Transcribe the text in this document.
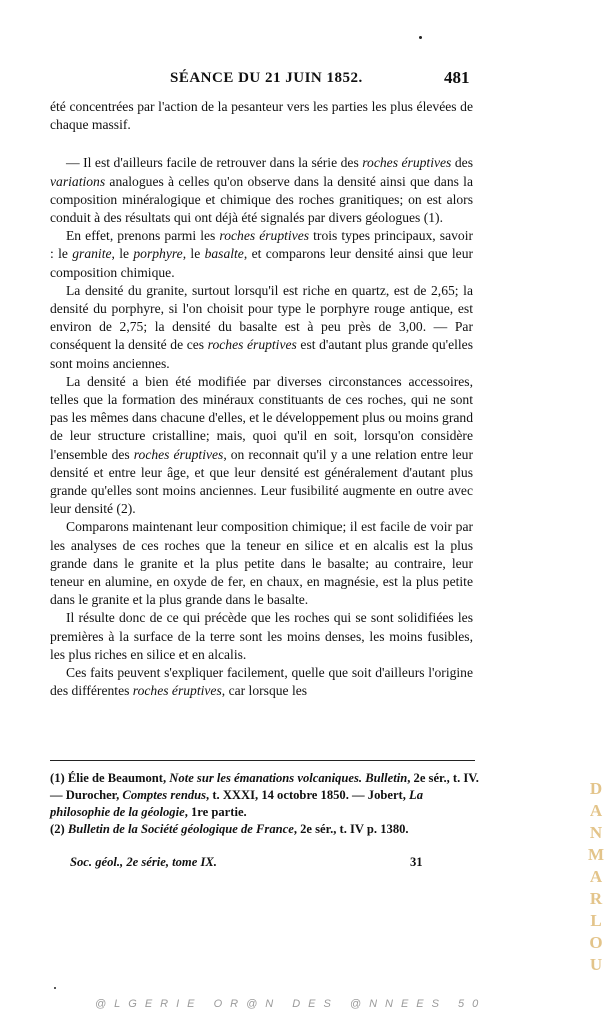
SÉANCE DU 21 JUIN 1852.	481

été concentrées par l'action de la pesanteur vers les parties les plus élevées de chaque massif.

— Il est d'ailleurs facile de retrouver dans la série des roches éruptives des variations analogues à celles qu'on observe dans la densité ainsi que dans la composition minéralogique et chimique des roches granitiques; on est alors conduit à des résultats qui ont déjà été signalés par divers géologues (1).

En effet, prenons parmi les roches éruptives trois types principaux, savoir : le granite, le porphyre, le basalte, et comparons leur densité ainsi que leur composition chimique.

La densité du granite, surtout lorsqu'il est riche en quartz, est de 2,65; la densité du porphyre, si l'on choisit pour type le porphyre rouge antique, est environ de 2,75; la densité du basalte est à peu près de 3,00. — Par conséquent la densité de ces roches éruptives est d'autant plus grande qu'elles sont moins anciennes.

La densité a bien été modifiée par diverses circonstances accessoires, telles que la formation des minéraux constituants de ces roches, qui ne sont pas les mêmes dans chacune d'elles, et le développement plus ou moins grand de leur structure cristalline; mais, quoi qu'il en soit, lorsqu'on considère l'ensemble des roches éruptives, on reconnait qu'il y a une relation entre leur densité et entre leur âge, et que leur densité est généralement d'autant plus grande qu'elles sont moins anciennes. Leur fusibilité augmente en outre avec leur densité (2).

Comparons maintenant leur composition chimique; il est facile de voir par les analyses de ces roches que la teneur en silice et en alcalis est la plus grande dans le granite et la plus petite dans le basalte; au contraire, leur teneur en alumine, en oxyde de fer, en chaux, en magnésie, est la plus petite dans le granite et la plus grande dans le basalte.

Il résulte donc de ce qui précède que les roches qui se sont solidifiées les premières à la surface de la terre sont les moins denses, les moins fusibles, les plus riches en silice et en alcalis.

Ces faits peuvent s'expliquer facilement, quelle que soit d'ailleurs l'origine des différentes roches éruptives, car lorsque les

(1) Élie de Beaumont, Note sur les émanations volcaniques. Bulletin, 2e sér., t. IV. — Durocher, Comptes rendus, t. XXXI, 14 octobre 1850. — Jobert, La philosophie de la géologie, 1re partie.

(2) Bulletin de la Société géologique de France, 2e sér., t. IV p. 1380.

Soc. géol., 2e série, tome IX.	31
DANMARLOU
@LGERIE OR@N DES @NNEES 50
